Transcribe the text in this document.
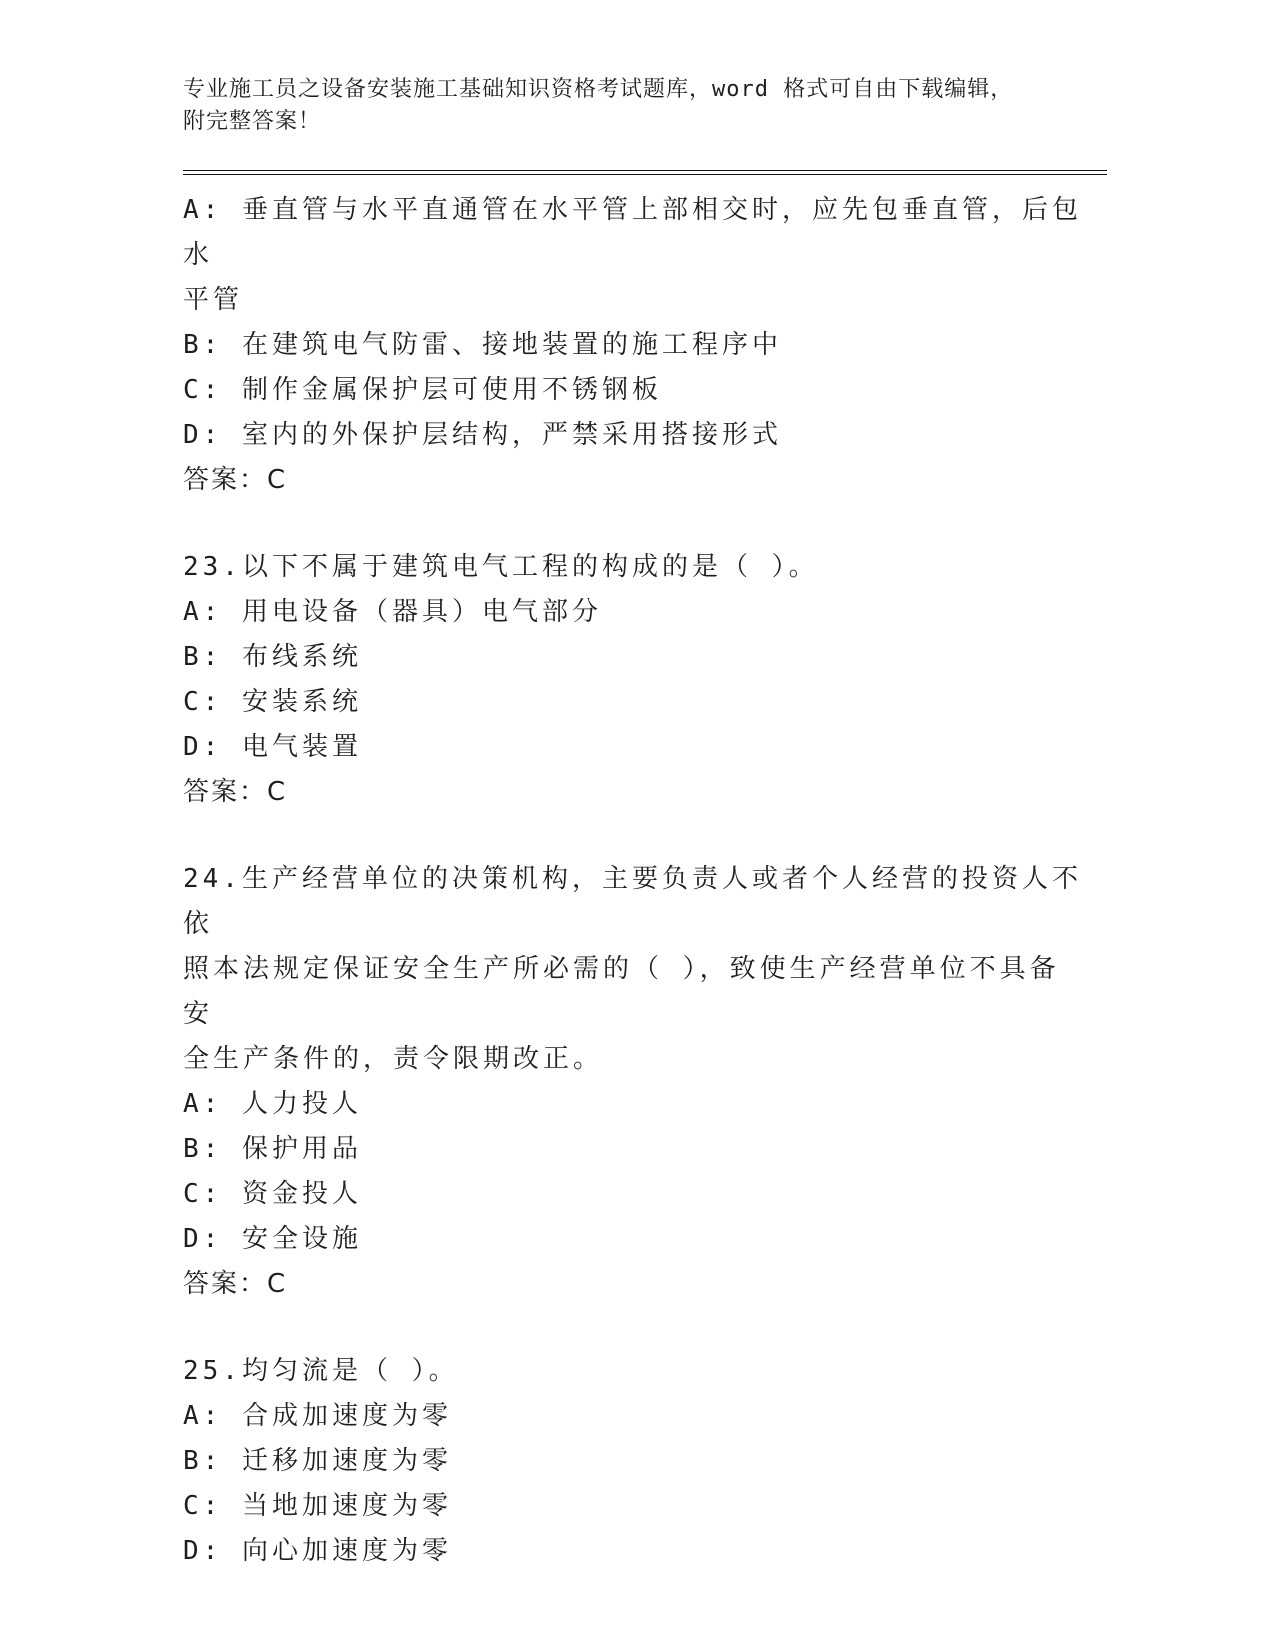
专业施工员之设备安装施工基础知识资格考试题库，word 格式可自由下载编辑，
附完整答案！
A: 垂直管与水平直通管在水平管上部相交时，应先包垂直管，后包水
平管
B: 在建筑电气防雷、接地装置的施工程序中
C: 制作金属保护层可使用不锈钢板
D: 室内的外保护层结构，严禁采用搭接形式
答案：C
23.以下不属于建筑电气工程的构成的是（ ）。
A: 用电设备（器具）电气部分
B: 布线系统
C: 安装系统
D: 电气装置
答案：C
24.生产经营单位的决策机构，主要负责人或者个人经营的投资人不依
照本法规定保证安全生产所必需的（ ），致使生产经营单位不具备安
全生产条件的，责令限期改正。
A: 人力投人
B: 保护用品
C: 资金投人
D: 安全设施
答案：C
25.均匀流是（ ）。
A: 合成加速度为零
B: 迁移加速度为零
C: 当地加速度为零
D: 向心加速度为零
